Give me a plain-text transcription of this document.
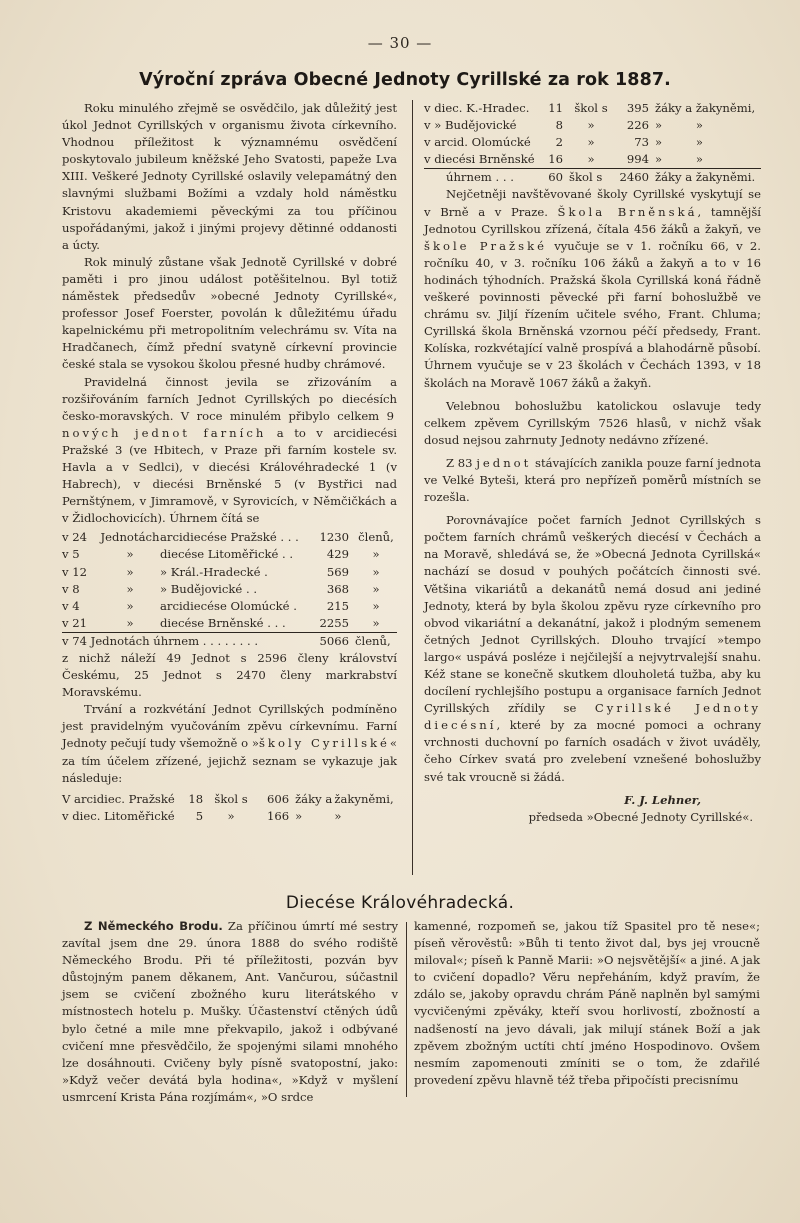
— 30 —
Výroční zpráva Obecné Jednoty Cyrillské za rok 1887.

Roku minulého zřejmě se osvědčilo, jak důležitý jest úkol Jednot Cyrillských v organismu života církevního. Vhodnou příležitost k významnému osvědčení poskytovalo jubileum kněžské Jeho Svatosti, papeže Lva XIII. Veškeré Jednoty Cyrillské oslavily velepamátný den slavnými službami Božími a vzdaly hold náměstku Kristovu akademiemi pěveckými za tou příčinou uspořádanými, jakož i jinými projevy dětinné oddanosti a úcty.

Rok minulý zůstane však Jednotě Cyrillské v dobré paměti i pro jinou událost potěšitelnou. Byl totiž náměstek předsedův »obecné Jednoty Cyrillské«, professor Josef Foerster, povolán k důležitému úřadu kapelnickému při metropolitním velechrámu sv. Víta na Hradčanech, čímž přední svatyně církevní provincie české stala se vysokou školou přesné hudby chrámové.

Pravidelná činnost jevila se zřizováním a rozšiřováním farních Jednot Cyrillských po diecésích česko-moravských. V roce minulém přibylo celkem 9 nových jednot farních a to v arcidiecési Pražské 3 (ve Hbitech, v Praze při farním kostele sv. Havla a v Sedlci), v diecési Královéhradecké 1 (v Habrech), v diecési Brněnské 5 (v Bystřici nad Pernštýnem, v Jimramově, v Syrovicích, v Němčičkách a v Židlochovicích). Úhrnem čítá se

v 24	Jednotách	arcidiecése Pražské . . .	1230	členů,
v 5	»	diecése Litoměřické . .	429	»
v 12	»	» Král.-Hradecké .	569	»
v 8	»	» Budějovické . .	368	»
v 4	»	arcidiecése Olomúcké .	215	»
v 21	»	diecése Brněnské . . .	2255	»
v 74 Jednotách úhrnem . . . . . . . .			5066	členů,

z nichž náleží 49 Jednot s 2596 členy království Českému, 25 Jednot s 2470 členy markrabství Moravskému.

Trvání a rozkvétání Jednot Cyrillských podmíněno jest pravidelným vyučováním zpěvu církevnímu. Farní Jednoty pečují tudy všemožně o »školy Cyrillské« za tím účelem zřízené, jejichž seznam se vykazuje jak následuje:

V arcidiec. Pražské	18	škol s	606	žáky a	žakyněmi,
v diec. Litoměřické	5	»	166	»	»
v diec. K.-Hradec.	11	škol s	395	žáky a	žakyněmi,
v » Budějovické	8	»	226	»	»
v arcid. Olomúcké	2	»	73	»	»
v diecési Brněnské	16	»	994	»	»
úhrnem . . .	60	škol s	2460	žáky a žakyněmi.	

Nejčetněji navštěvované školy Cyrillské vyskytují se v Brně a v Praze. Škola Brněnská, tamnější Jednotou Cyrillskou zřízená, čítala 456 žáků a žakyň, ve škole Pražské vyučuje se v 1. ročníku 66, v 2. ročníku 40, v 3. ročníku 106 žáků a žakyň a to v 16 hodinách týhodních. Pražská škola Cyrillská koná řádně veškeré povinnosti pěvecké při farní bohoslužbě ve chrámu sv. Jiljí řízením učitele svého, Frant. Chluma; Cyrillská škola Brněnská vzornou péčí předsedy, Frant. Kolíska, rozkvétající valně prospívá a blahodárně působí. Úhrnem vyučuje se v 23 školách v Čechách 1393, v 18 školách na Moravě 1067 žáků a žakyň.

Velebnou bohoslužbu katolickou oslavuje tedy celkem zpěvem Cyrillským 7526 hlasů, v nichž však dosud nejsou zahrnuty Jednoty nedávno zřízené.

Z 83 jednot stávajících zanikla pouze farní jednota ve Velké Byteši, která pro nepřízeň poměrů místních se rozešla.

Porovnávajíce počet farních Jednot Cyrillských s počtem farních chrámů veškerých diecésí v Čechách a na Moravě, shledává se, že »Obecná Jednota Cyrillská« nachází se dosud v pouhých počátcích činnosti své. Většina vikariátů a dekanátů nemá dosud ani jediné Jednoty, která by byla školou zpěvu ryze církevního pro obvod vikariátní a dekanátní, jakož i plodným semenem četných Jednot Cyrillských. Dlouho trvající »tempo largo« uspává posléze i nejčilejší a nejvytrvalejší snahu. Kéž stane se konečně skutkem dlouholetá tužba, aby ku docílení rychlejšího postupu a organisace farních Jednot Cyrillských zřídily se Cyrillské Jednoty diecésní, které by za mocné pomoci a ochrany vrchnosti duchovní po farních osadách v život uváděly, čeho Církev svatá pro zvelebení vznešené bohoslužby své tak vroucně si žádá.

F. J. Lehner,
předseda »Obecné Jednoty Cyrillské«.
Diecése Královéhradecká.

Z Německého Brodu. Za příčinou úmrtí mé sestry zavítal jsem dne 29. února 1888 do svého rodiště Německého Brodu. Při té příležitosti, pozván byv důstojným panem děkanem, Ant. Vančurou, súčastnil jsem se cvičení zbožného kuru literátského v místnostech hotelu p. Mušky. Účastenství ctěných údů bylo četné a mile mne překvapilo, jakož i odbývané cvičení mne přesvědčilo, že spojenými silami mnohého lze dosáhnouti. Cvičeny byly písně svatopostní, jako: »Když večer devátá byla hodina«, »Když v myšlení usmrcení Krista Pána rozjímám«, »O srdce

kamenné, rozpomeň se, jakou tíž Spasitel pro tě nese«; píseň věrověstů: »Bůh ti tento život dal, bys jej vroucně miloval«; píseň k Panně Marii: »O nejsvětější« a jiné. A jak to cvičení dopadlo? Věru nepřeháním, když pravím, že zdálo se, jakoby opravdu chrám Páně naplněn byl samými vycvičenými zpěváky, kteří svou horlivostí, zbožností a nadšeností na jevo dávali, jak milují stánek Boží a jak zpěvem zbožným uctíti chtí jméno Hospodinovo. Ovšem nesmím zapomenouti zmíniti se o tom, že zdařilé provedení zpěvu hlavně též třeba připočísti precisnímu
